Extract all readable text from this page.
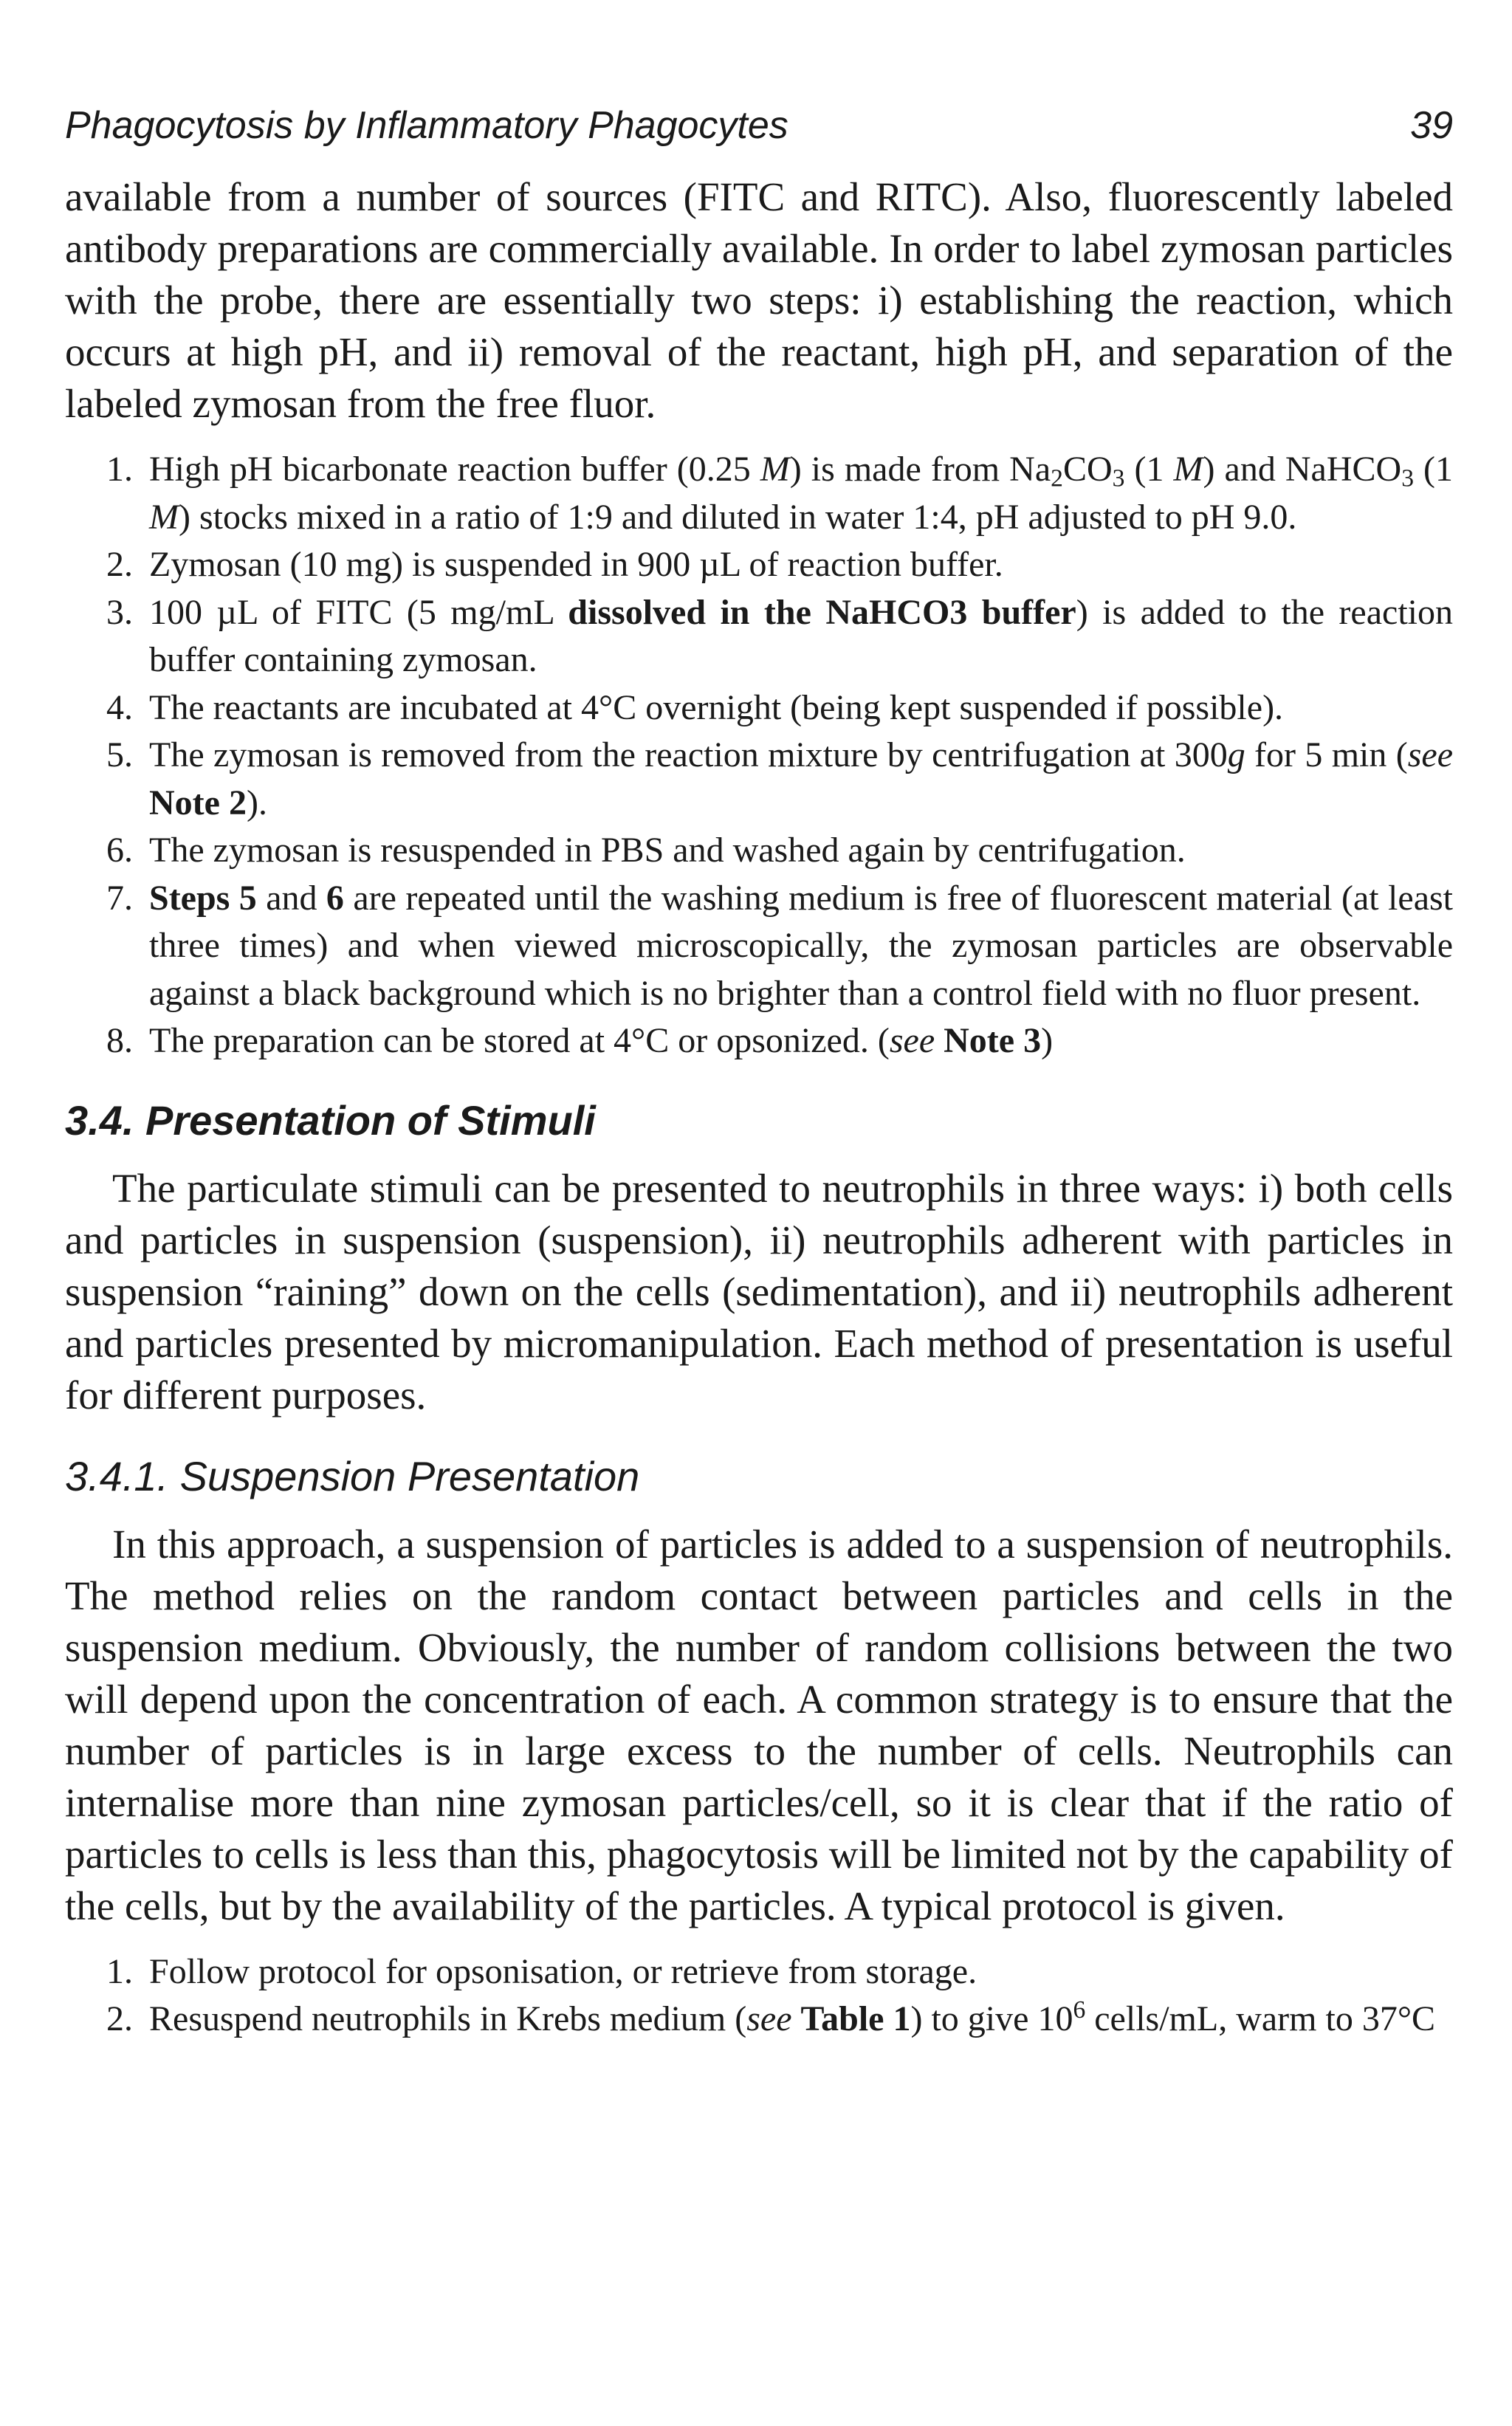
Phagocytosis by Inflammatory Phagocytes	39

available from a number of sources (FITC and RITC). Also, fluorescently labeled antibody preparations are commercially available. In order to label zymosan particles with the probe, there are essentially two steps: i) establishing the reaction, which occurs at high pH, and ii) removal of the reactant, high pH, and separation of the labeled zymosan from the free fluor.

1. High pH bicarbonate reaction buffer (0.25 M) is made from $Na_2CO_3$ (1 M) and NaHCO$_3$ (1 M) stocks mixed in a ratio of 1:9 and diluted in water 1:4, pH adjusted to pH 9.0.
2. Zymosan (10 mg) is suspended in 900 µL of reaction buffer.
3. 100 µL of FITC (5 mg/mL dissolved in the NaHCO3 buffer) is added to the reaction buffer containing zymosan.
4. The reactants are incubated at 4°C overnight (being kept suspended if possible).
5. The zymosan is removed from the reaction mixture by centrifugation at 300g for 5 min (see Note 2).
6. The zymosan is resuspended in PBS and washed again by centrifugation.
7. Steps 5 and 6 are repeated until the washing medium is free of fluorescent material (at least three times) and when viewed microscopically, the zymosan particles are observable against a black background which is no brighter than a control field with no fluor present.
8. The preparation can be stored at 4°C or opsonized. (see Note 3)
3.4. Presentation of Stimuli

The particulate stimuli can be presented to neutrophils in three ways: i) both cells and particles in suspension (suspension), ii) neutrophils adherent with particles in suspension “raining” down on the cells (sedimentation), and ii) neutrophils adherent and particles presented by micromanipulation. Each method of presentation is useful for different purposes.

3.4.1. Suspension Presentation

In this approach, a suspension of particles is added to a suspension of neutrophils. The method relies on the random contact between particles and cells in the suspension medium. Obviously, the number of random collisions between the two will depend upon the concentration of each. A common strategy is to ensure that the number of particles is in large excess to the number of cells. Neutrophils can internalise more than nine zymosan particles/cell, so it is clear that if the ratio of particles to cells is less than this, phagocytosis will be limited not by the capability of the cells, but by the availability of the particles. A typical protocol is given.

1. Follow protocol for opsonisation, or retrieve from storage.
2. Resuspend neutrophils in Krebs medium (see Table 1) to give $10^6$ cells/mL, warm to 37°C
